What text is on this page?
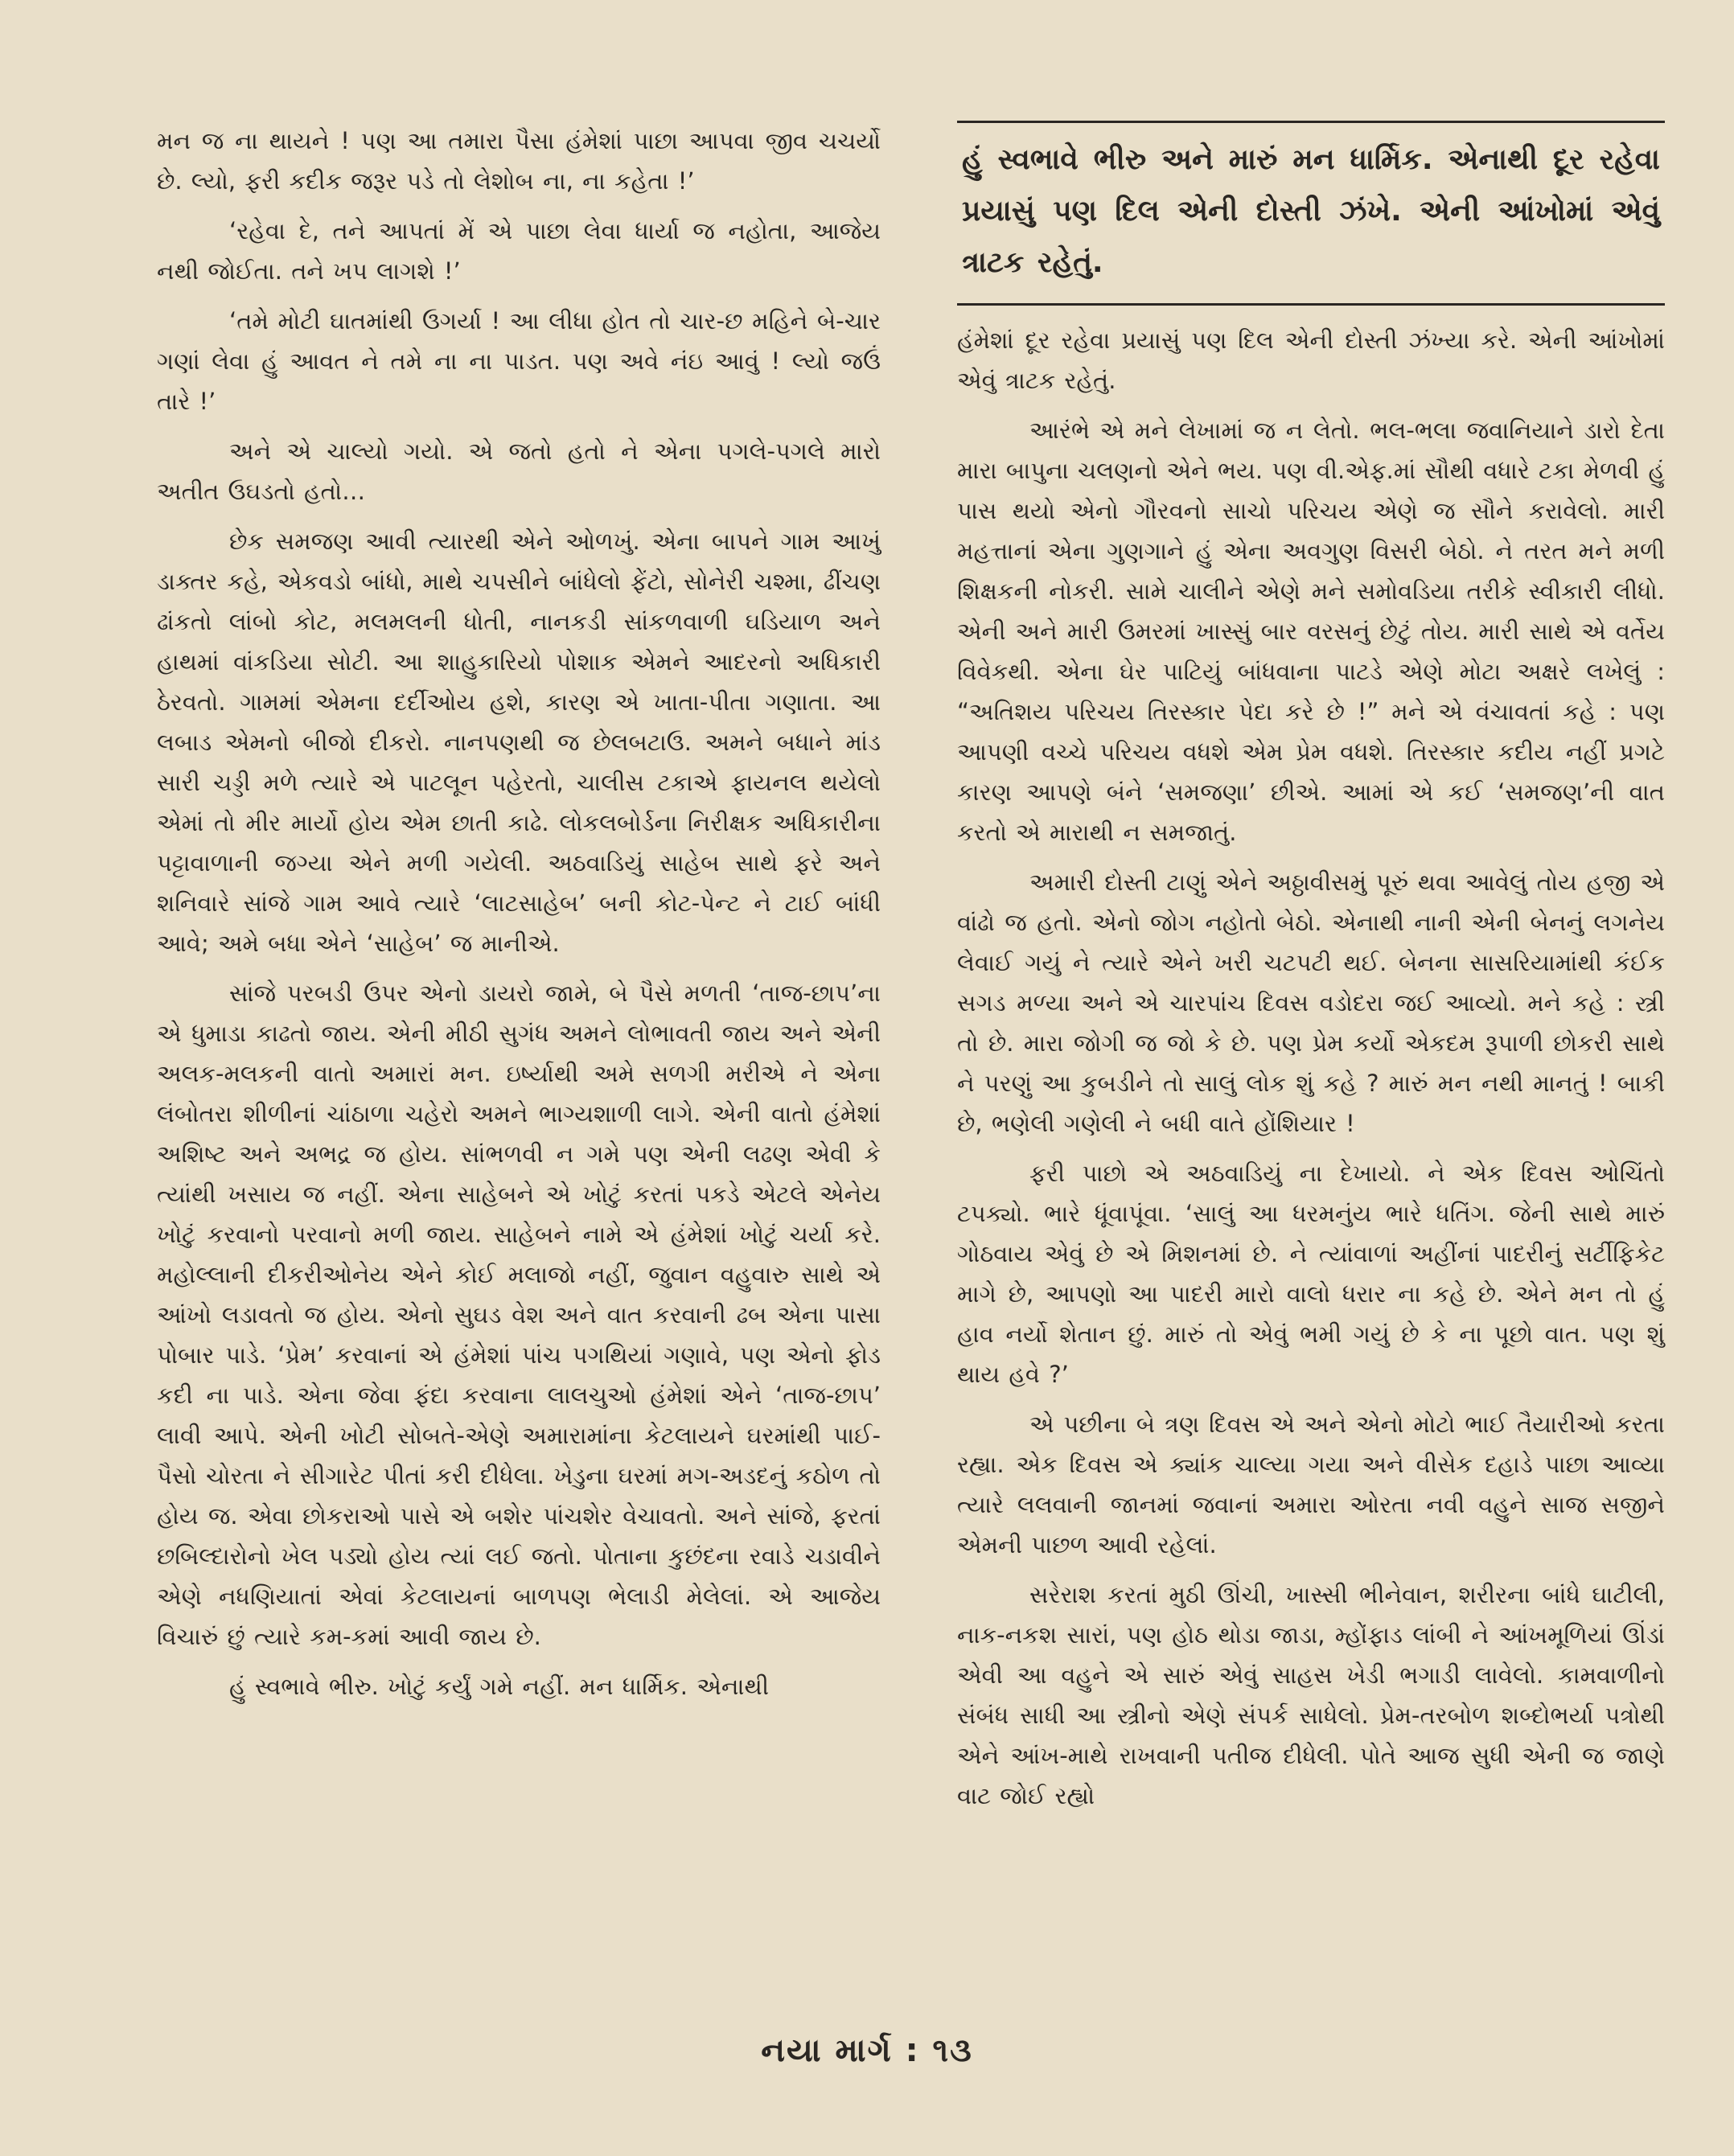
મન જ ના થાયને ! પણ આ તમારા પૈસા હંમેશાં પાછા આપવા જીવ ચચર્યો છે. લ્યો, ફરી કદીક જરૂર પડે તો લેશોબ ના, ના કહેતા !’

‘રહેવા દે, તને આપતાં મેં એ પાછા લેવા ધાર્યા જ નહોતા, આજેય નથી જોઈતા. તને ખપ લાગશે !’

‘તમે મોટી ઘાતમાંથી ઉગર્યા ! આ લીધા હોત તો ચાર-છ મહિને બે-ચાર ગણાં લેવા હું આવત ને તમે ના ના પાડત. પણ અવે નંઇ આવું ! લ્યો જઉં તારે !’

અને એ ચાલ્યો ગયો. એ જતો હતો ને એના પગલે-પગલે મારો અતીત ઉઘડતો હતો…

છેક સમજણ આવી ત્યારથી એને ઓળખું. એના બાપને ગામ આખું ડાક્તર કહે, એકવડો બાંધો, માથે ચપસીને બાંધેલો ફેંટો, સોનેરી ચશ્મા, ઢીંચણ ઢાંકતો લાંબો કોટ, મલમલની ધોતી, નાનકડી સાંકળવાળી ઘડિયાળ અને હાથમાં વાંકડિયા સોટી. આ શાહુકારિયો પોશાક એમને આદરનો અધિકારી ઠેરવતો. ગામમાં એમના દર્દીઓય હશે, કારણ એ ખાતા-પીતા ગણાતા. આ લબાડ એમનો બીજો દીકરો. નાનપણથી જ છેલબટાઉ. અમને બધાને માંડ સારી ચડ્ડી મળે ત્યારે એ પાટલૂન પહેરતો, ચાલીસ ટકાએ ફાયનલ થયેલો એમાં તો મીર માર્યો હોય એમ છાતી કાઢે. લોકલબોર્ડના નિરીક્ષક અધિકારીના પટ્ટાવાળાની જગ્યા એને મળી ગયેલી. અઠવાડિયું સાહેબ સાથે ફરે અને શનિવારે સાંજે ગામ આવે ત્યારે ‘લાટસાહેબ’ બની કોટ-પેન્ટ ને ટાઈ બાંધી આવે; અમે બધા એને ‘સાહેબ’ જ માનીએ.

સાંજે પરબડી ઉપર એનો ડાયરો જામે, બે પૈસે મળતી ‘તાજ-છાપ’ના એ ધુમાડા કાઢતો જાય. એની મીઠી સુગંધ અમને લોભાવતી જાય અને એની અલક-મલકની વાતો અમારાં મન. ઇર્ષ્યાથી અમે સળગી મરીએ ને એના લંબોતરા શીળીનાં ચાંઠાળા ચહેરો અમને ભાગ્યશાળી લાગે. એની વાતો હંમેશાં અશિષ્ટ અને અભદ્ર જ હોય. સાંભળવી ન ગમે પણ એની લઢણ એવી કે ત્યાંથી ખસાય જ નહીં. એના સાહેબને એ ખોટું કરતાં પકડે એટલે એનેય ખોટું કરવાનો પરવાનો મળી જાય. સાહેબને નામે એ હંમેશાં ખોટું ચર્યા કરે. મહોલ્લાની દીકરીઓનેય એને કોઈ મલાજો નહીં, જુવાન વહુવારુ સાથે એ આંખો લડાવતો જ હોય. એનો સુઘડ વેશ અને વાત કરવાની ઢબ એના પાસા પોબાર પાડે. ‘પ્રેમ’ કરવાનાં એ હંમેશાં પાંચ પગથિયાં ગણાવે, પણ એનો ફોડ કદી ના પાડે. એના જેવા ફંદા કરવાના લાલચુઓ હંમેશાં એને ‘તાજ-છાપ’ લાવી આપે. એની ખોટી સોબતે-એણે અમારામાંના કેટલાયને ઘરમાંથી પાઈ-પૈસો ચોરતા ને સીગારેટ પીતાં કરી દીધેલા. ખેડુના ઘરમાં મગ-અડદનું કઠોળ તો હોય જ. એવા છોકરાઓ પાસે એ બશેર પાંચશેર વેચાવતો. અને સાંજે, ફરતાં છબિલ્દારોનો ખેલ પડ્યો હોય ત્યાં લઈ જતો. પોતાના કુછંદના રવાડે ચડાવીને એણે નધણિયાતાં એવાં કેટલાયનાં બાળપણ ભેલાડી મેલેલાં. એ આજેય વિચારું છું ત્યારે કમ-કમાં આવી જાય છે.

હું સ્વભાવે ભીરુ. ખોટું કર્યું ગમે નહીં. મન ધાર્મિક. એનાથી

હું સ્વભાવે ભીરુ અને મારું મન ધાર્મિક. એનાથી દૂર રહેવા પ્રયાસું પણ દિલ એની દોસ્તી ઝંખે. એની આંખોમાં એવું ત્રાટક રહેતું.

હંમેશાં દૂર રહેવા પ્રયાસું પણ દિલ એની દોસ્તી ઝંખ્યા કરે. એની આંખોમાં એવું ત્રાટક રહેતું.

આરંભે એ મને લેખામાં જ ન લેતો. ભલ-ભલા જવાનિયાને ડારો દેતા મારા બાપુના ચલણનો એને ભય. પણ વી.એફ.માં સૌથી વધારે ટકા મેળવી હું પાસ થયો એનો ગૌરવનો સાચો પરિચય એણે જ સૌને કરાવેલો. મારી મહત્તાનાં એના ગુણગાને હું એના અવગુણ વિસરી બેઠો. ને તરત મને મળી શિક્ષકની નોકરી. સામે ચાલીને એણે મને સમોવડિયા તરીકે સ્વીકારી લીધો. એની અને મારી ઉમરમાં ખાસ્સું બાર વરસનું છેટું તોય. મારી સાથે એ વર્તેય વિવેકથી. એના ઘેર પાટિયું બાંધવાના પાટડે એણે મોટા અક્ષરે લખેલું : “અતિશય પરિચય તિરસ્કાર પેદા કરે છે !” મને એ વંચાવતાં કહે : પણ આપણી વચ્ચે પરિચય વધશે એમ પ્રેમ વધશે. તિરસ્કાર કદીય નહીં પ્રગટે કારણ આપણે બંને ‘સમજણા’ છીએ. આમાં એ કઈ ‘સમજણ’ની વાત કરતો એ મારાથી ન સમજાતું.

અમારી દોસ્તી ટાણું એને અઠ્ઠાવીસમું પૂરું થવા આવેલું તોય હજી એ વાંઢો જ હતો. એનો જોગ નહોતો બેઠો. એનાથી નાની એની બેનનું લગનેય લેવાઈ ગયું ને ત્યારે એને ખરી ચટપટી થઈ. બેનના સાસરિયામાંથી કંઈક સગડ મળ્યા અને એ ચારપાંચ દિવસ વડોદરા જઈ આવ્યો. મને કહે : સ્ત્રી તો છે. મારા જોગી જ જો કે છે. પણ પ્રેમ કર્યો એકદમ રૂપાળી છોકરી સાથે ને પરણું આ કુબડીને તો સાલું લોક શું કહે ? મારું મન નથી માનતું ! બાકી છે, ભણેલી ગણેલી ને બધી વાતે હોંશિયાર !

ફરી પાછો એ અઠવાડિયું ના દેખાયો. ને એક દિવસ ઓચિંતો ટપક્યો. ભારે ધૂંવાપૂંવા. ‘સાલું આ ધરમનુંય ભારે ધતિંગ. જેની સાથે મારું ગોઠવાય એવું છે એ મિશનમાં છે. ને ત્યાંવાળાં અહીંનાં પાદરીનું સર્ટીફિકેટ માગે છે, આપણો આ પાદરી મારો વાલો ધરાર ના કહે છે. એને મન તો હું હાવ નર્યો શેતાન છું. મારું તો એવું ભમી ગયું છે કે ના પૂછો વાત. પણ શું થાય હવે ?’

એ પછીના બે ત્રણ દિવસ એ અને એનો મોટો ભાઈ તૈયારીઓ કરતા રહ્યા. એક દિવસ એ ક્યાંક ચાલ્યા ગયા અને વીસેક દહાડે પાછા આવ્યા ત્યારે લલવાની જાનમાં જવાનાં અમારા ઓરતા નવી વહુને સાજ સજીને એમની પાછળ આવી રહેલાં.

સરેરાશ કરતાં મુઠી ઊંચી, ખાસ્સી ભીનેવાન, શરીરના બાંધે ઘાટીલી, નાક-નકશ સારાં, પણ હોઠ થોડા જાડા, મ્હોંફાડ લાંબી ને આંખમૂળિયાં ઊંડાં એવી આ વહુને એ સારું એવું સાહસ ખેડી ભગાડી લાવેલો. કામવાળીનો સંબંધ સાધી આ સ્ત્રીનો એણે સંપર્ક સાધેલો. પ્રેમ-તરબોળ શબ્દોભર્યા પત્રોથી એને આંખ-માથે રાખવાની પતીજ દીધેલી. પોતે આજ સુધી એની જ જાણે વાટ જોઈ રહ્યો

નયા માર્ગ : ૧૩
